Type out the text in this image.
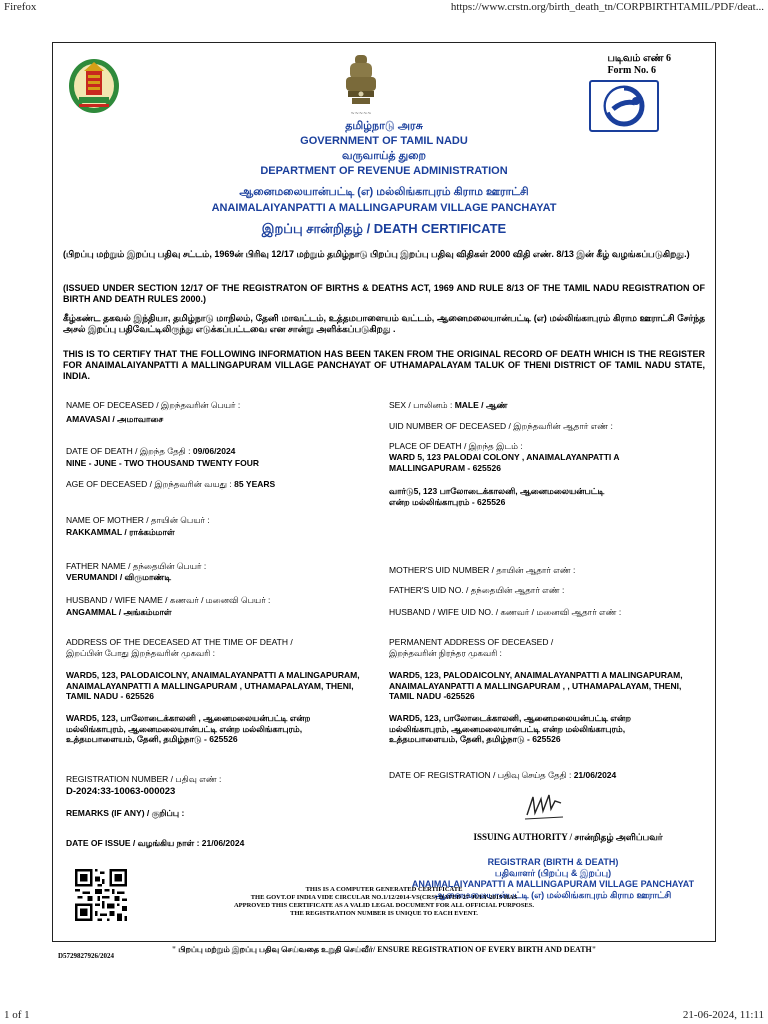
Firefox	https://www.crstn.org/birth_death_tn/CORPBIRTHTAMIL/PDF/deat...
~~~~~
படிவம் எண் 6
Form No. 6
தமிழ்நாடு அரசு
GOVERNMENT OF TAMIL NADU
வருவாய்த் துறை
DEPARTMENT OF REVENUE ADMINISTRATION
ஆனைமலையான்பட்டி (எ) மல்லிங்காபுரம் கிராம ஊராட்சி
ANAIMALAIYANPATTI A MALLINGAPURAM VILLAGE PANCHAYAT
இறப்பு சான்றிதழ் / DEATH CERTIFICATE
(பிறப்பு மற்றும் இறப்பு பதிவு சட்டம், 1969ன் பிரிவு 12/17 மற்றும் தமிழ்நாடு பிறப்பு இறப்பு பதிவு விதிகள் 2000 விதி எண். 8/13 இன் கீழ் வழங்கப்படுகிறது.)
(ISSUED UNDER SECTION 12/17 OF THE REGISTRATON OF BIRTHS & DEATHS ACT, 1969 AND RULE 8/13 OF THE TAMIL NADU REGISTRATION OF BIRTH AND DEATH RULES 2000.)
கீழ்கண்ட தகவல் இந்தியா, தமிழ்நாடு மாநிலம், தேனி மாவட்டம், உத்தமபாளையம் வட்டம், ஆனைமலையான்பட்டி (எ) மல்லிங்காபுரம் கிராம ஊராட்சி சேர்ந்த அசல் இறப்பு பதிவேட்டிலிருந்து எடுக்கப்பட்டவை என சான்று அளிக்கப்படுகிறது .
THIS IS TO CERTIFY THAT THE FOLLOWING INFORMATION HAS BEEN TAKEN FROM THE ORIGINAL RECORD OF DEATH WHICH IS THE REGISTER FOR ANAIMALAIYANPATTI A MALLINGAPURAM VILLAGE PANCHAYAT OF UTHAMAPALAYAM TALUK OF THENI DISTRICT OF TAMIL NADU STATE, INDIA.
NAME OF DECEASED / இறந்தவரின் பெயர் :
AMAVASAI / அமாவாசை
DATE OF DEATH / இறந்த தேதி : 09/06/2024
NINE - JUNE - TWO THOUSAND TWENTY FOUR
AGE OF DECEASED / இறந்தவரின் வயது : 85 YEARS
NAME OF MOTHER / தாயின் பெயர் :
RAKKAMMAL / ராக்கம்மாள்
FATHER NAME / தந்தையின் பெயர் :
VERUMANDI / விருமாண்டி
HUSBAND / WIFE NAME / கணவர் / மனைவி பெயர் :
ANGAMMAL / அங்கம்மாள்
ADDRESS OF THE DECEASED AT THE TIME OF DEATH /
இறப்பின் போது இறந்தவரின் முகவரி :
WARD5, 123, PALODAICOLNY, ANAIMALAYANPATTI A MALINGAPURAM, ANAIMALAYANPATTI A MALLINGAPURAM , UTHAMAPALAYAM, THENI, TAMIL NADU - 625526
WARD5, 123, பாலோடைக்காலனி , ஆனைமலையன்பட்டி என்ற மல்லிங்காபுரம், ஆனைமலையான்பட்டி என்ற மல்லிங்காபுரம், உத்தமபாளையம், தேனி, தமிழ்நாடு - 625526
REGISTRATION NUMBER / பதிவு எண் :
D-2024:33-10063-000023
REMARKS (IF ANY) / குறிப்பு :
DATE OF ISSUE / வழங்கிய நாள் : 21/06/2024
SEX / பாலினம் : MALE / ஆண்
UID NUMBER OF DECEASED / இறந்தவரின் ஆதார் எண் :
PLACE OF DEATH / இறந்த இடம் :
WARD 5, 123 PALODAI COLONY , ANAIMALAYANPATTI A
MALLINGAPURAM - 625526
வார்டு5, 123 பாலோடைக்காலனி, ஆனைமலையன்பட்டி
என்ற மல்லிங்காபுரம் - 625526
MOTHER'S UID NUMBER / தாயின் ஆதார் எண் :
FATHER'S UID NO. / தந்தையின் ஆதார் எண் :
HUSBAND / WIFE UID NO. / கணவர் / மனைவி ஆதார் எண் :
PERMANENT ADDRESS OF DECEASED /
இறந்தவரின் நிரந்தர முகவரி :
WARD5, 123, PALODAICOLNY, ANAIMALAYANPATTI A MALINGAPURAM, ANAIMALAYANPATTI A MALLINGAPURAM , , UTHAMAPALAYAM, THENI, TAMIL NADU -625526
WARD5, 123, பாலோடைக்காலனி, ஆனைமலையன்பட்டி என்ற மல்லிங்காபுரம், ஆனைமலையான்பட்டி என்ற மல்லிங்காபுரம், உத்தமபாளையம், தேனி, தமிழ்நாடு - 625526
DATE OF REGISTRATION / பதிவு செய்த தேதி : 21/06/2024
ISSUING AUTHORITY / சான்றிதழ் அளிப்பவர்
REGISTRAR (BIRTH & DEATH)
பதிவாளர் (பிறப்பு & இறப்பு)
ANAIMALAIYANPATTI A MALLINGAPURAM VILLAGE PANCHAYAT
ஆனைமலையான்பட்டி (எ) மல்லிங்காபுரம் கிராம ஊராட்சி
THIS IS A COMPUTER GENERATED CERTIFICATE
THE GOVT.OF INDIA VIDE CIRCULAR NO.1/12/2014-VS(CRS) DATED 27-JULY-2015 HAS
APPROVED THIS CERTIFICATE AS A VALID LEGAL DOCUMENT FOR ALL OFFICIAL PURPOSES.
THE REGISTRATION NUMBER IS UNIQUE TO EACH EVENT.
" பிறப்பு மற்றும் இறப்பு பதிவு செய்வதை உறுதி செய்வீர்/ ENSURE REGISTRATION OF EVERY BIRTH AND DEATH"
D5729827926/2024
1 of 1	21-06-2024, 11:11
